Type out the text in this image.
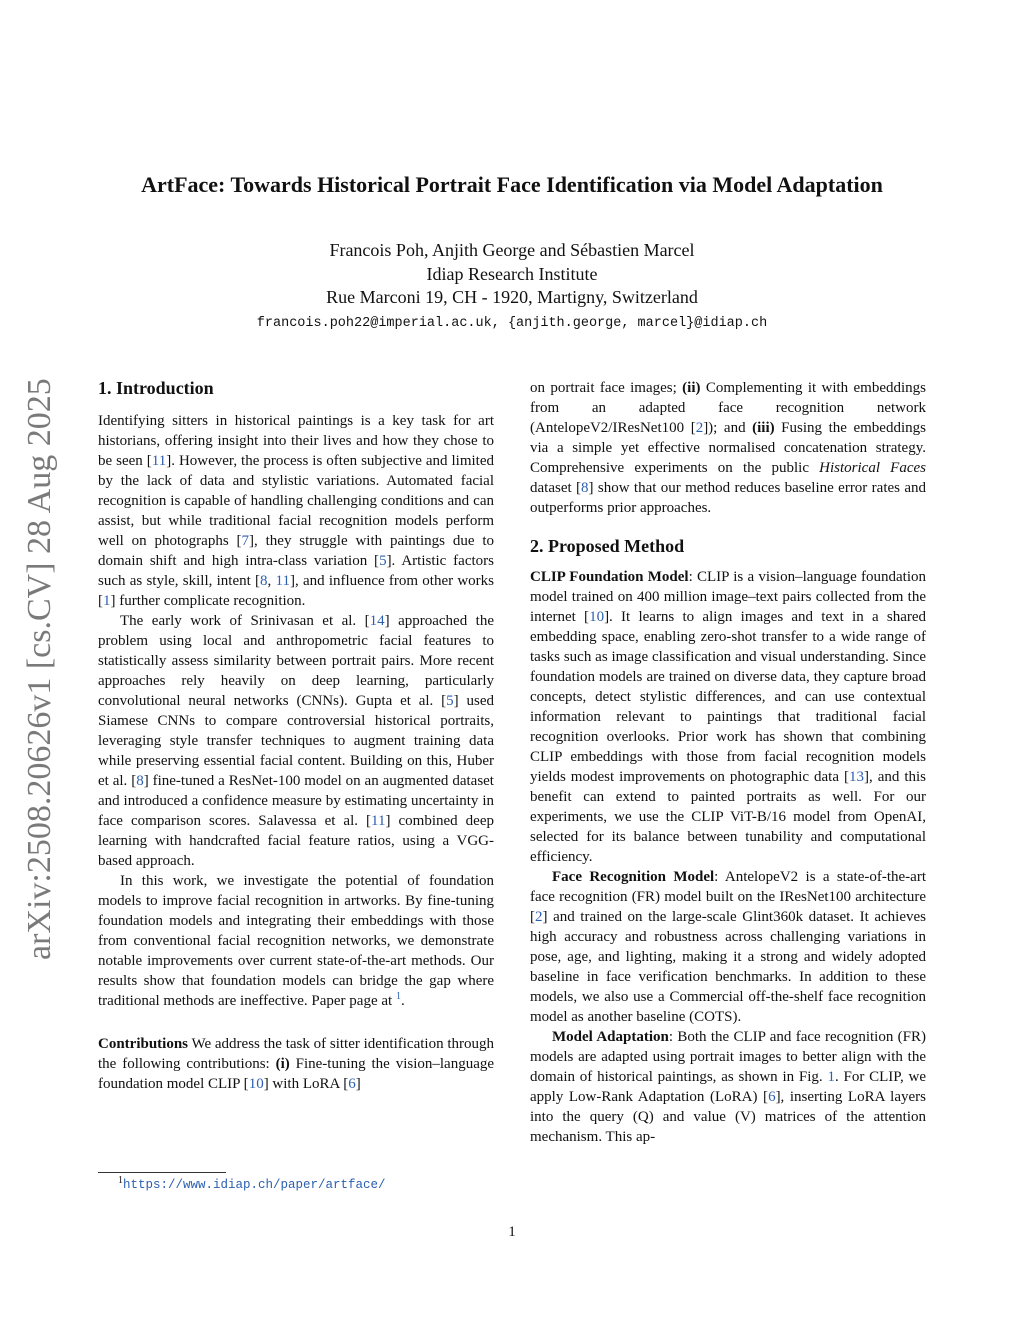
arXiv:2508.20626v1 [cs.CV] 28 Aug 2025
ArtFace: Towards Historical Portrait Face Identification via Model Adaptation
Francois Poh, Anjith George and Sébastien Marcel
Idiap Research Institute
Rue Marconi 19, CH - 1920, Martigny, Switzerland
francois.poh22@imperial.ac.uk, {anjith.george, marcel}@idiap.ch
1. Introduction

Identifying sitters in historical paintings is a key task for art historians, offering insight into their lives and how they chose to be seen [11]. However, the process is often subjective and limited by the lack of data and stylistic variations. Automated facial recognition is capable of handling challenging conditions and can assist, but while traditional facial recognition models perform well on photographs [7], they struggle with paintings due to domain shift and high intra-class variation [5]. Artistic factors such as style, skill, intent [8, 11], and influence from other works [1] further complicate recognition.

The early work of Srinivasan et al. [14] approached the problem using local and anthropometric facial features to statistically assess similarity between portrait pairs. More recent approaches rely heavily on deep learning, particularly convolutional neural networks (CNNs). Gupta et al. [5] used Siamese CNNs to compare controversial historical portraits, leveraging style transfer techniques to augment training data while preserving essential facial content. Building on this, Huber et al. [8] fine-tuned a ResNet-100 model on an augmented dataset and introduced a confidence measure by estimating uncertainty in face comparison scores. Salavessa et al. [11] combined deep learning with handcrafted facial feature ratios, using a VGG-based approach.

In this work, we investigate the potential of foundation models to improve facial recognition in artworks. By fine-tuning foundation models and integrating their embeddings with those from conventional facial recognition networks, we demonstrate notable improvements over current state-of-the-art methods. Our results show that foundation models can bridge the gap where traditional methods are ineffective. Paper page at $^1$.

Contributions We address the task of sitter identification through the following contributions: (i) Fine-tuning the vision–language foundation model CLIP [10] with LoRA [6]

on portrait face images; (ii) Complementing it with embeddings from an adapted face recognition network (AntelopeV2/IResNet100 [2]); and (iii) Fusing the embeddings via a simple yet effective normalised concatenation strategy. Comprehensive experiments on the public Historical Faces dataset [8] show that our method reduces baseline error rates and outperforms prior approaches.

2. Proposed Method

CLIP Foundation Model: CLIP is a vision–language foundation model trained on 400 million image–text pairs collected from the internet [10]. It learns to align images and text in a shared embedding space, enabling zero-shot transfer to a wide range of tasks such as image classification and visual understanding. Since foundation models are trained on diverse data, they capture broad concepts, detect stylistic differences, and can use contextual information relevant to paintings that traditional facial recognition overlooks. Prior work has shown that combining CLIP embeddings with those from facial recognition models yields modest improvements on photographic data [13], and this benefit can extend to painted portraits as well. For our experiments, we use the CLIP ViT-B/16 model from OpenAI, selected for its balance between tunability and computational efficiency.

Face Recognition Model: AntelopeV2 is a state-of-the-art face recognition (FR) model built on the IResNet100 architecture [2] and trained on the large-scale Glint360k dataset. It achieves high accuracy and robustness across challenging variations in pose, age, and lighting, making it a strong and widely adopted baseline in face verification benchmarks. In addition to these models, we also use a Commercial off-the-shelf face recognition model as another baseline (COTS).

Model Adaptation: Both the CLIP and face recognition (FR) models are adapted using portrait images to better align with the domain of historical paintings, as shown in Fig. 1. For CLIP, we apply Low-Rank Adaptation (LoRA) [6], inserting LoRA layers into the query (Q) and value (V) matrices of the attention mechanism. This ap-

$^1$https://www.idiap.ch/paper/artface/
1
